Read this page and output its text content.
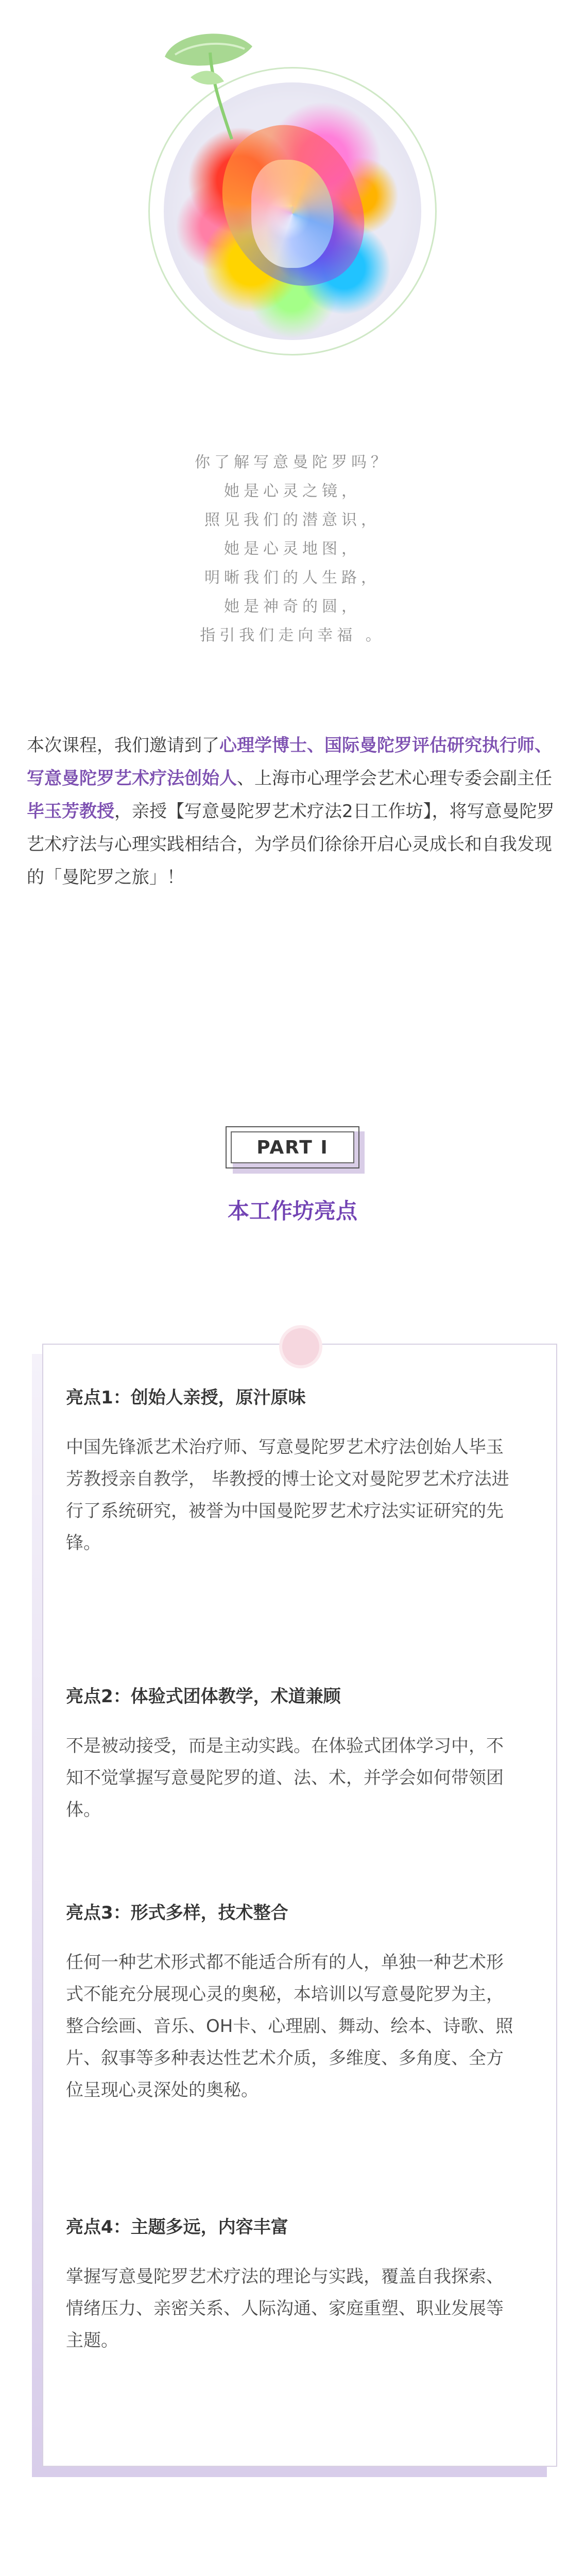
你了解写意曼陀罗吗？
她是心灵之镜，
照见我们的潜意识，
她是心灵地图，
明晰我们的人生路，
她是神奇的圆，
指引我们走向幸福 。

本次课程，我们邀请到了心理学博士、国际曼陀罗评估研究执行师、写意曼陀罗艺术疗法创始人、上海市心理学会艺术心理专委会副主任毕玉芳教授，亲授【写意曼陀罗艺术疗法2日工作坊】，将写意曼陀罗艺术疗法与心理实践相结合，为学员们徐徐开启心灵成长和自我发现的「曼陀罗之旅」！

PART I
本工作坊亮点

亮点1：创始人亲授，原汁原味

中国先锋派艺术治疗师、写意曼陀罗艺术疗法创始人毕玉芳教授亲自教学， 毕教授的博士论文对曼陀罗艺术疗法进行了系统研究，被誉为中国曼陀罗艺术疗法实证研究的先锋。

亮点2：体验式团体教学，术道兼顾

不是被动接受，而是主动实践。在体验式团体学习中，不知不觉掌握写意曼陀罗的道、法、术，并学会如何带领团体。

亮点3：形式多样，技术整合

任何一种艺术形式都不能适合所有的人，单独一种艺术形式不能充分展现心灵的奥秘，本培训以写意曼陀罗为主，整合绘画、音乐、OH卡、心理剧、舞动、绘本、诗歌、照片、叙事等多种表达性艺术介质，多维度、多角度、全方位呈现心灵深处的奥秘。

亮点4：主题多远，内容丰富

掌握写意曼陀罗艺术疗法的理论与实践，覆盖自我探索、情绪压力、亲密关系、人际沟通、家庭重塑、职业发展等主题。
